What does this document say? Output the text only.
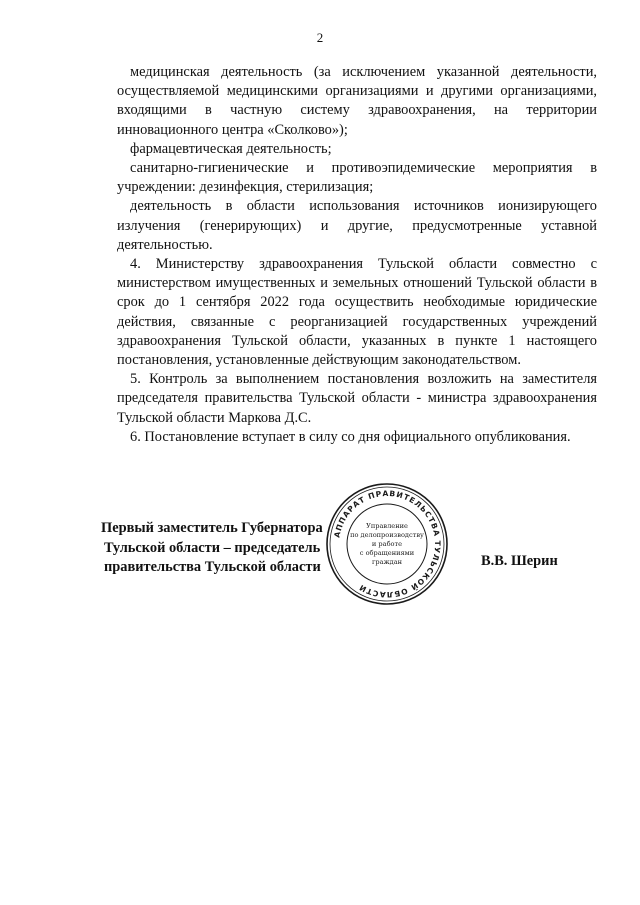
2

медицинская деятельность (за исключением указанной деятельности, осуществляемой медицинскими организациями и другими организациями, входящими в частную систему здравоохранения, на территории инновационного центра «Сколково»);

фармацевтическая деятельность;

санитарно-гигиенические и противоэпидемические мероприятия в учреждении: дезинфекция, стерилизация;

деятельность в области использования источников ионизирующего излучения (генерирующих) и другие, предусмотренные уставной деятельностью.

4. Министерству здравоохранения Тульской области совместно с министерством имущественных и земельных отношений Тульской области в срок до 1 сентября 2022 года осуществить необходимые юридические действия, связанные с реорганизацией государственных учреждений здравоохранения Тульской области, указанных в пункте 1 настоящего постановления, установленные действующим законодательством.

5. Контроль за выполнением постановления возложить на заместителя председателя правительства Тульской области - министра здравоохранения Тульской области Маркова Д.С.

6. Постановление вступает в силу со дня официального опубликования.

Первый заместитель Губернатора
Тульской области – председатель
правительства Тульской области	В.В. Шерин
АППАРАТ ПРАВИТЕЛЬСТВА ТУЛЬСКОЙ ОБЛАСТИ
Управление
по делопроизводству
и работе
с обращениями
граждан
